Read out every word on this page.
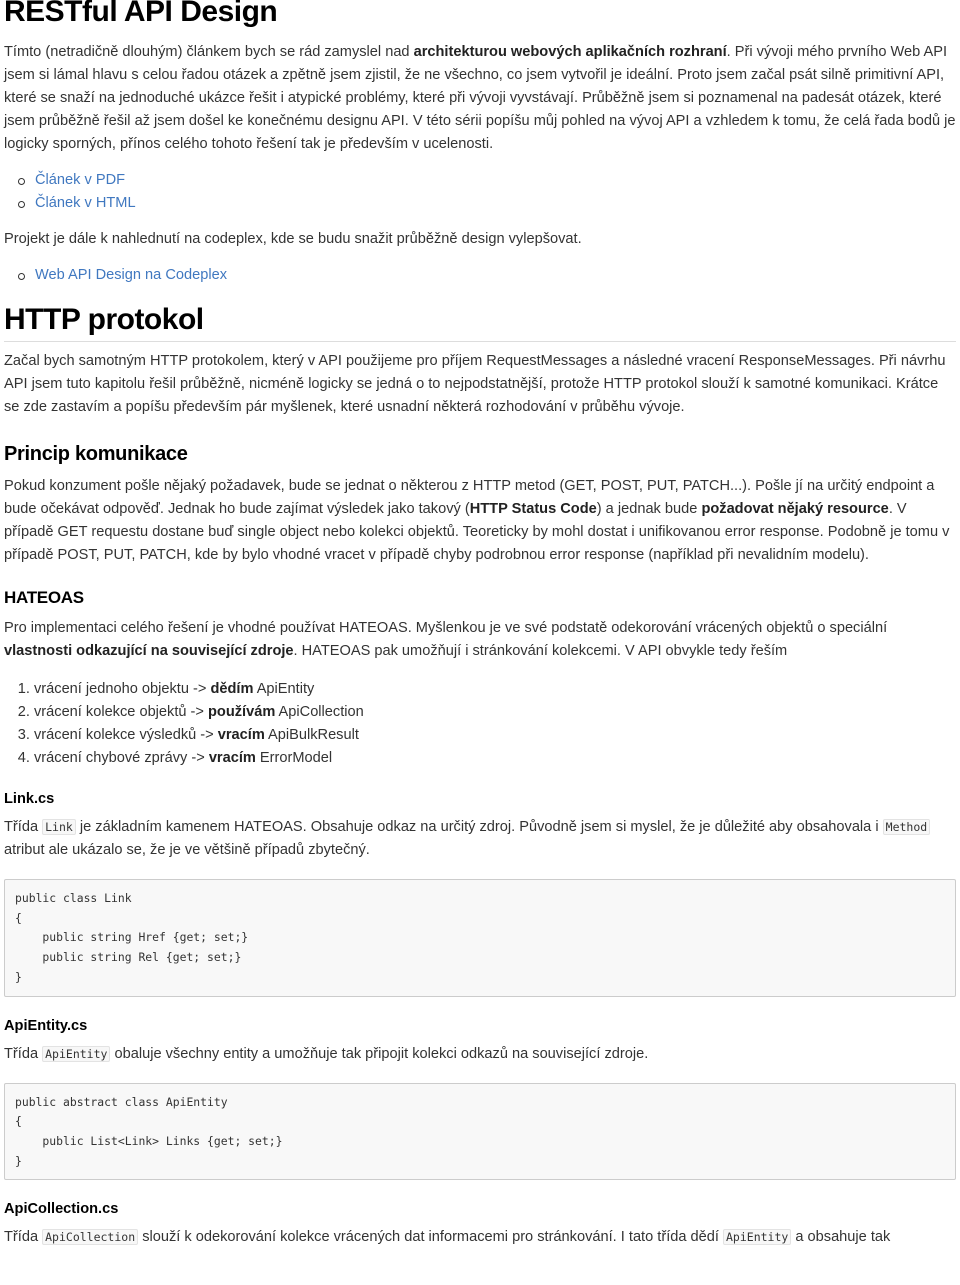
RESTful API Design

Tímto (netradičně dlouhým) článkem bych se rád zamyslel nad architekturou webových aplikačních rozhraní. Při vývoji mého prvního Web API jsem si lámal hlavu s celou řadou otázek a zpětně jsem zjistil, že ne všechno, co jsem vytvořil je ideální. Proto jsem začal psát silně primitivní API, které se snaží na jednoduché ukázce řešit i atypické problémy, které při vývoji vyvstávají. Průběžně jsem si poznamenal na padesát otázek, které jsem průběžně řešil až jsem došel ke konečnému designu API. V této sérii popíšu můj pohled na vývoj API a vzhledem k tomu, že celá řada bodů je logicky sporných, přínos celého tohoto řešení tak je především v ucelenosti.

Článek v PDF
Článek v HTML

Projekt je dále k nahlednutí na codeplex, kde se budu snažit průběžně design vylepšovat.

Web API Design na Codeplex
HTTP protokol

Začal bych samotným HTTP protokolem, který v API použijeme pro příjem RequestMessages a následné vracení ResponseMessages. Při návrhu API jsem tuto kapitolu řešil průběžně, nicméně logicky se jedná o to nejpodstatnější, protože HTTP protokol slouží k samotné komunikaci. Krátce se zde zastavím a popíšu především pár myšlenek, které usnadní některá rozhodování v průběhu vývoje.

Princip komunikace

Pokud konzument pošle nějaký požadavek, bude se jednat o některou z HTTP metod (GET, POST, PUT, PATCH...). Pošle jí na určitý endpoint a bude očekávat odpověď. Jednak ho bude zajímat výsledek jako takový (HTTP Status Code) a jednak bude požadovat nějaký resource. V případě GET requestu dostane buď single object nebo kolekci objektů. Teoreticky by mohl dostat i unifikovanou error response. Podobně je tomu v případě POST, PUT, PATCH, kde by bylo vhodné vracet v případě chyby podrobnou error response (například při nevalidním modelu).

HATEOAS

Pro implementaci celého řešení je vhodné používat HATEOAS. Myšlenkou je ve své podstatě odekorování vrácených objektů o speciální vlastnosti odkazující na související zdroje. HATEOAS pak umožňují i stránkování kolekcemi. V API obvykle tedy řeším

1. vrácení jednoho objektu -> dědím ApiEntity
2. vrácení kolekce objektů -> používám ApiCollection
3. vrácení kolekce výsledků -> vracím ApiBulkResult
4. vrácení chybové zprávy -> vracím ErrorModel
Link.cs

Třída Link je základním kamenem HATEOAS. Obsahuje odkaz na určitý zdroj. Původně jsem si myslel, že je důležité aby obsahovala i Method atribut ale ukázalo se, že je ve většině případů zbytečný.

public class Link
{
public string Href {get; set;}
public string Rel {get; set;}
}
ApiEntity.cs

Třída ApiEntity obaluje všechny entity a umožňuje tak připojit kolekci odkazů na související zdroje.

public abstract class ApiEntity
{
public List<Link> Links {get; set;}
}
ApiCollection.cs

Třída ApiCollection slouží k odekorování kolekce vrácených dat informacemi pro stránkování. I tato třída dědí ApiEntity a obsahuje tak
